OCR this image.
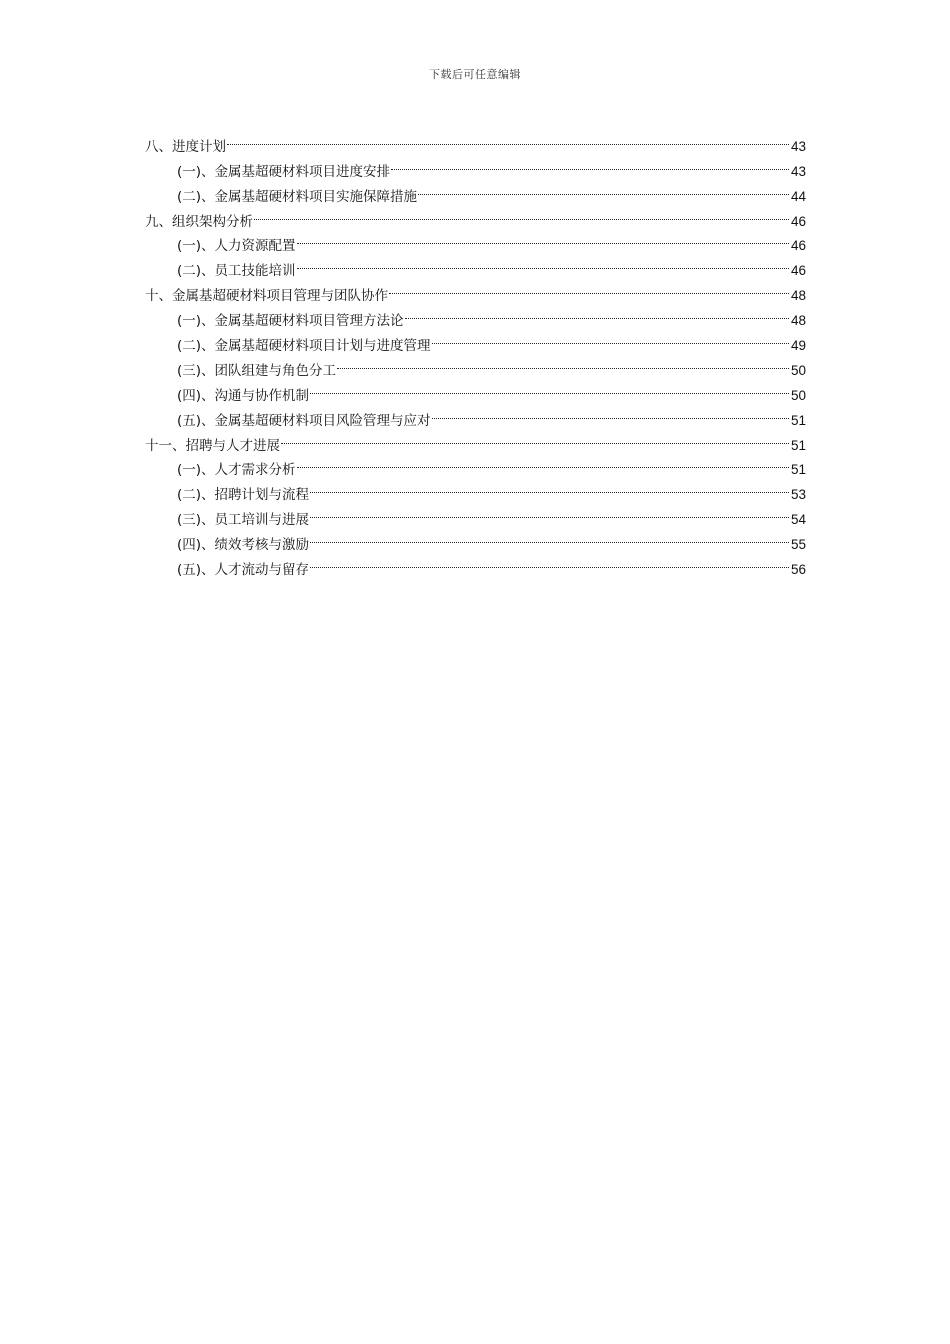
下载后可任意编辑
八、进度计划	43
(一)、金属基超硬材料项目进度安排	43
(二)、金属基超硬材料项目实施保障措施	44
九、组织架构分析	46
(一)、人力资源配置	46
(二)、员工技能培训	46
十、金属基超硬材料项目管理与团队协作	48
(一)、金属基超硬材料项目管理方法论	48
(二)、金属基超硬材料项目计划与进度管理	49
(三)、团队组建与角色分工	50
(四)、沟通与协作机制	50
(五)、金属基超硬材料项目风险管理与应对	51
十一、招聘与人才进展	51
(一)、人才需求分析	51
(二)、招聘计划与流程	53
(三)、员工培训与进展	54
(四)、绩效考核与激励	55
(五)、人才流动与留存	56
